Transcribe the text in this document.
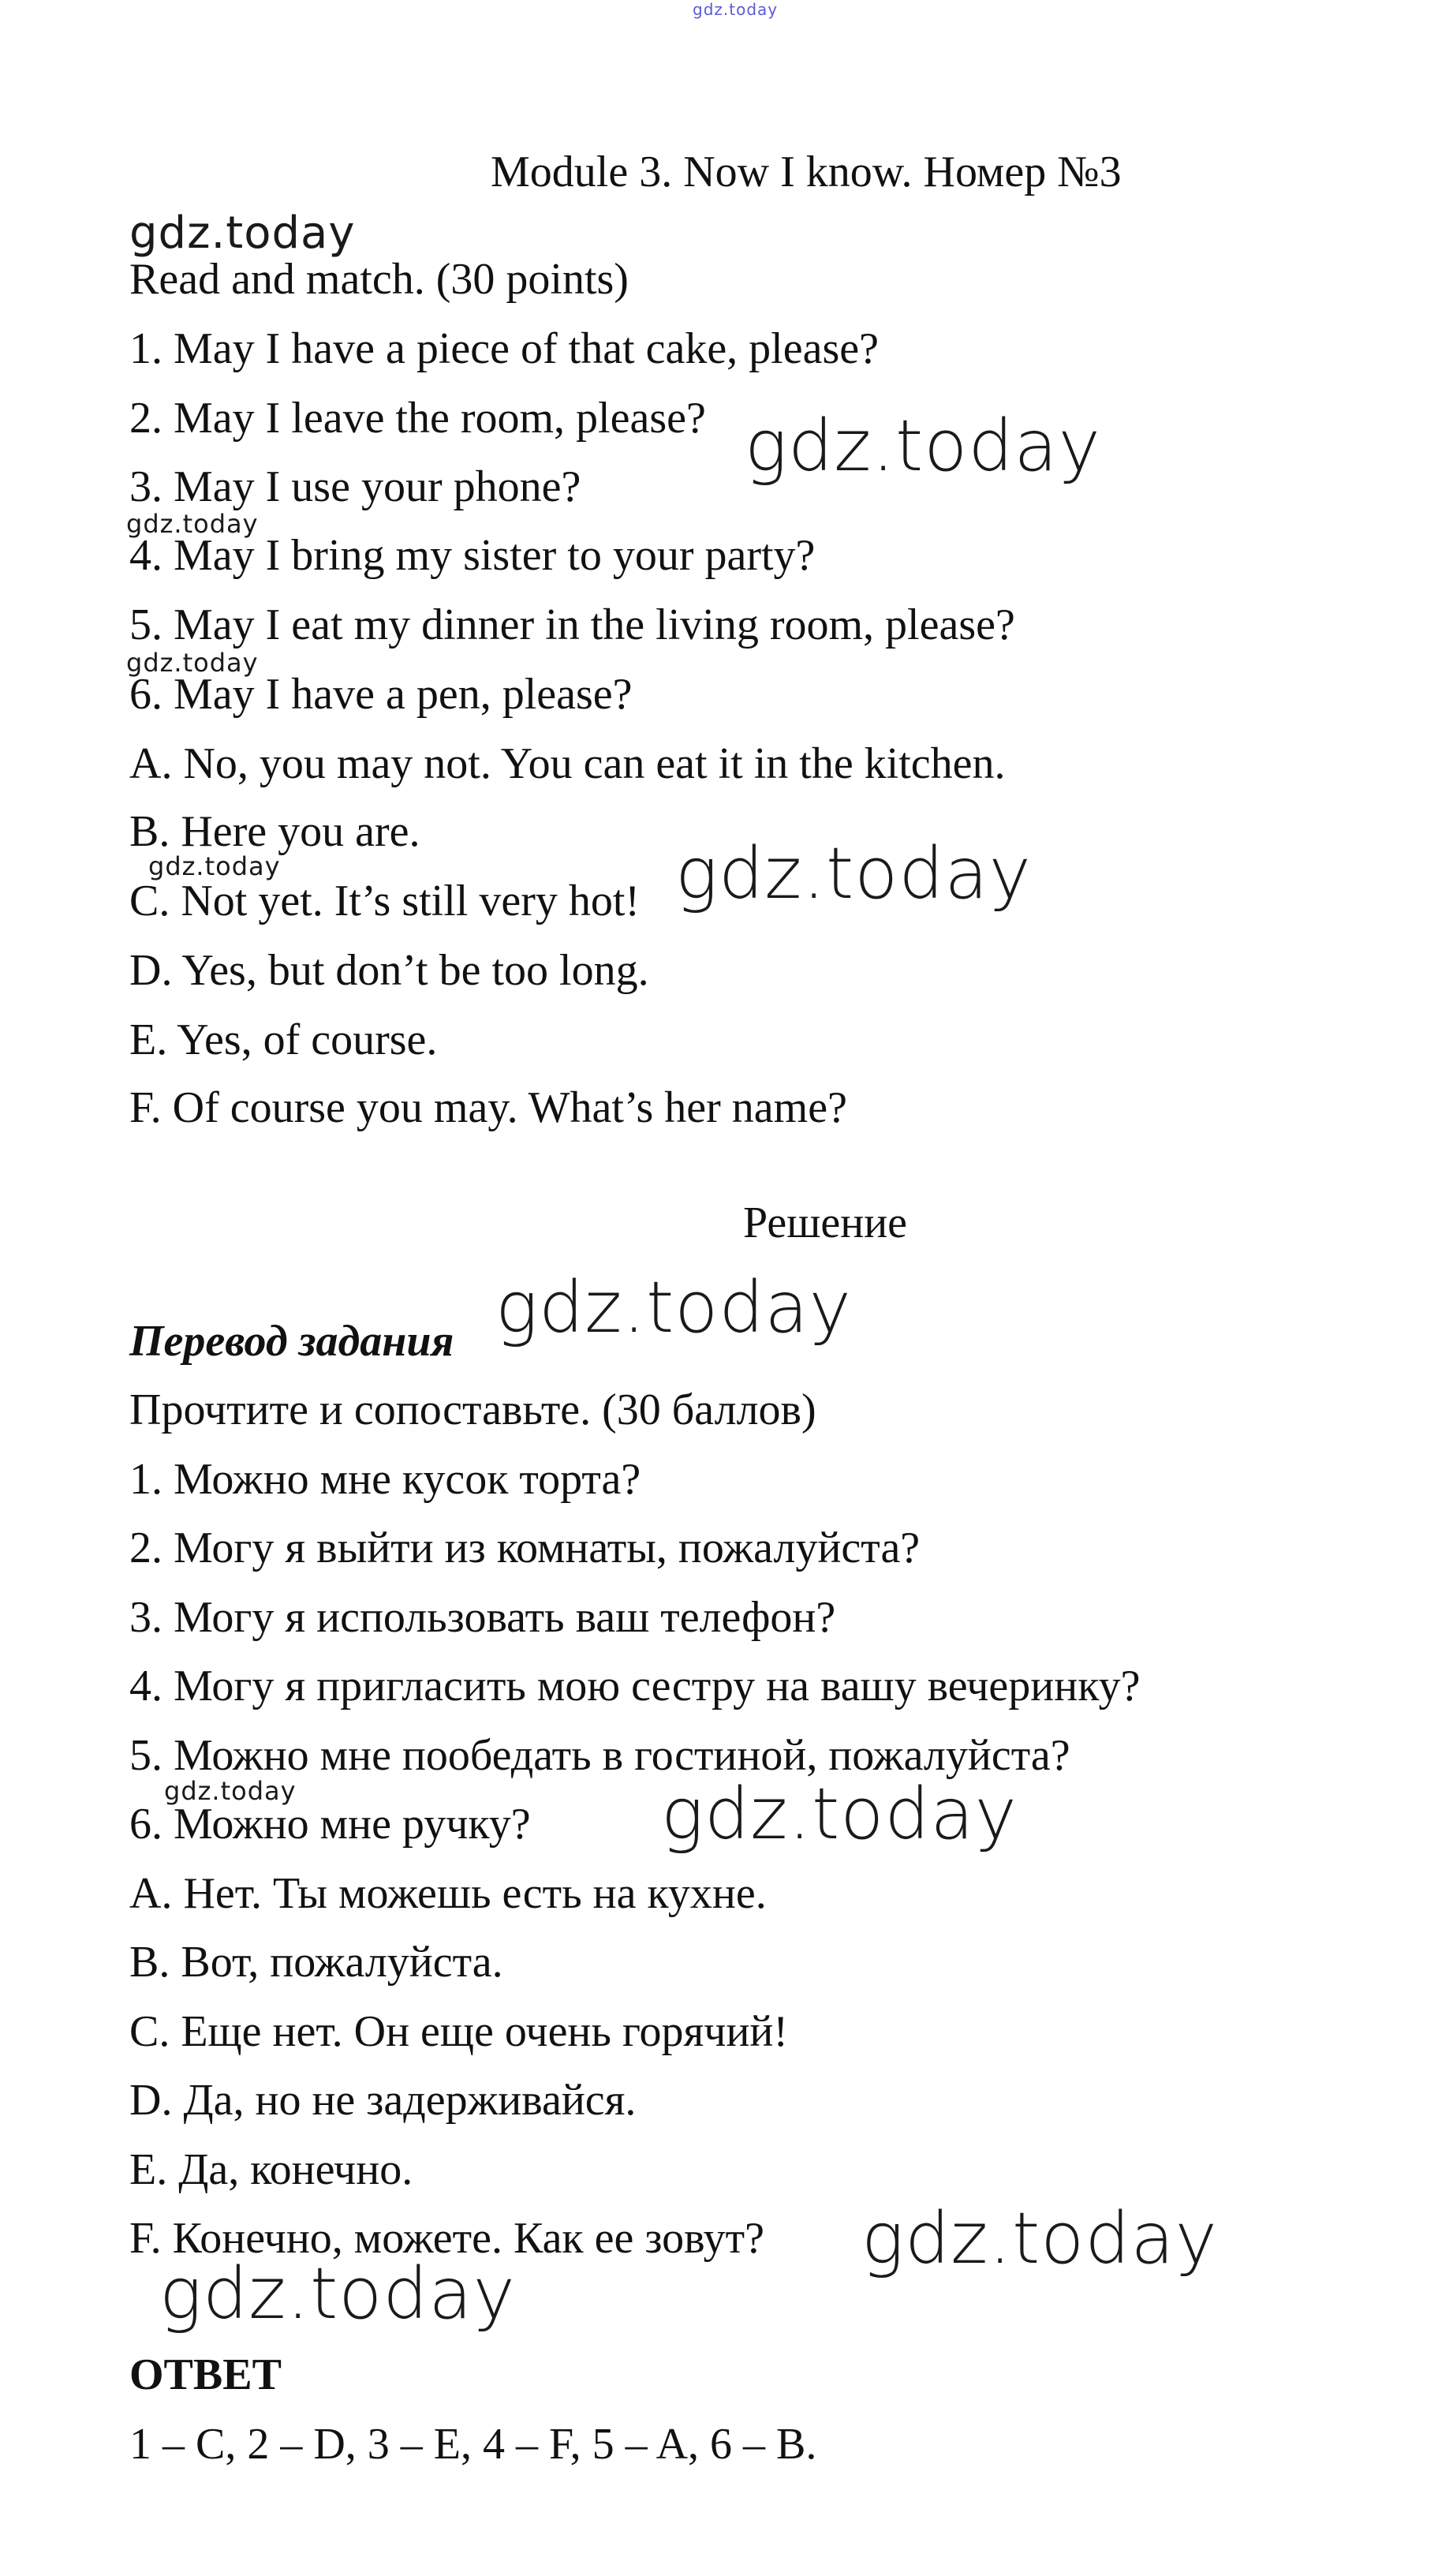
gdz.today
Module 3. Now I know. Номер №3
gdz.today
Read and match. (30 points)
1. May I have a piece of that cake, please?
2. May I leave the room, please? gdz.today
3. May I use your phone?
gdz.today
4. May I bring my sister to your party?
5. May I eat my dinner in the living room, please?
gdz.today
6. May I have a pen, please?
A. No, you may not. You can eat it in the kitchen.
B. Here you are.
gdz.today
C. Not yet. It’s still very hot! gdz.today
D. Yes, but don’t be too long.
E. Yes, of course.
F. Of course you may. What’s her name?
Решение
gdz.today
Перевод задания
Прочтите и сопоставьте. (30 баллов)
1. Можно мне кусок торта?
2. Могу я выйти из комнаты, пожалуйста?
3. Могу я использовать ваш телефон?
4. Могу я пригласить мою сестру на вашу вечеринку?
5. Можно мне пообедать в гостиной, пожалуйста?
gdz.today
6. Можно мне ручку? gdz.today
A. Нет. Ты можешь есть на кухне.
B. Вот, пожалуйста.
C. Еще нет. Он еще очень горячий!
D. Да, но не задерживайся.
E. Да, конечно.
F. Конечно, можете. Как ее зовут? gdz.today
gdz.today
ОТВЕТ
1 – C, 2 – D, 3 – E, 4 – F, 5 – A, 6 – B.
